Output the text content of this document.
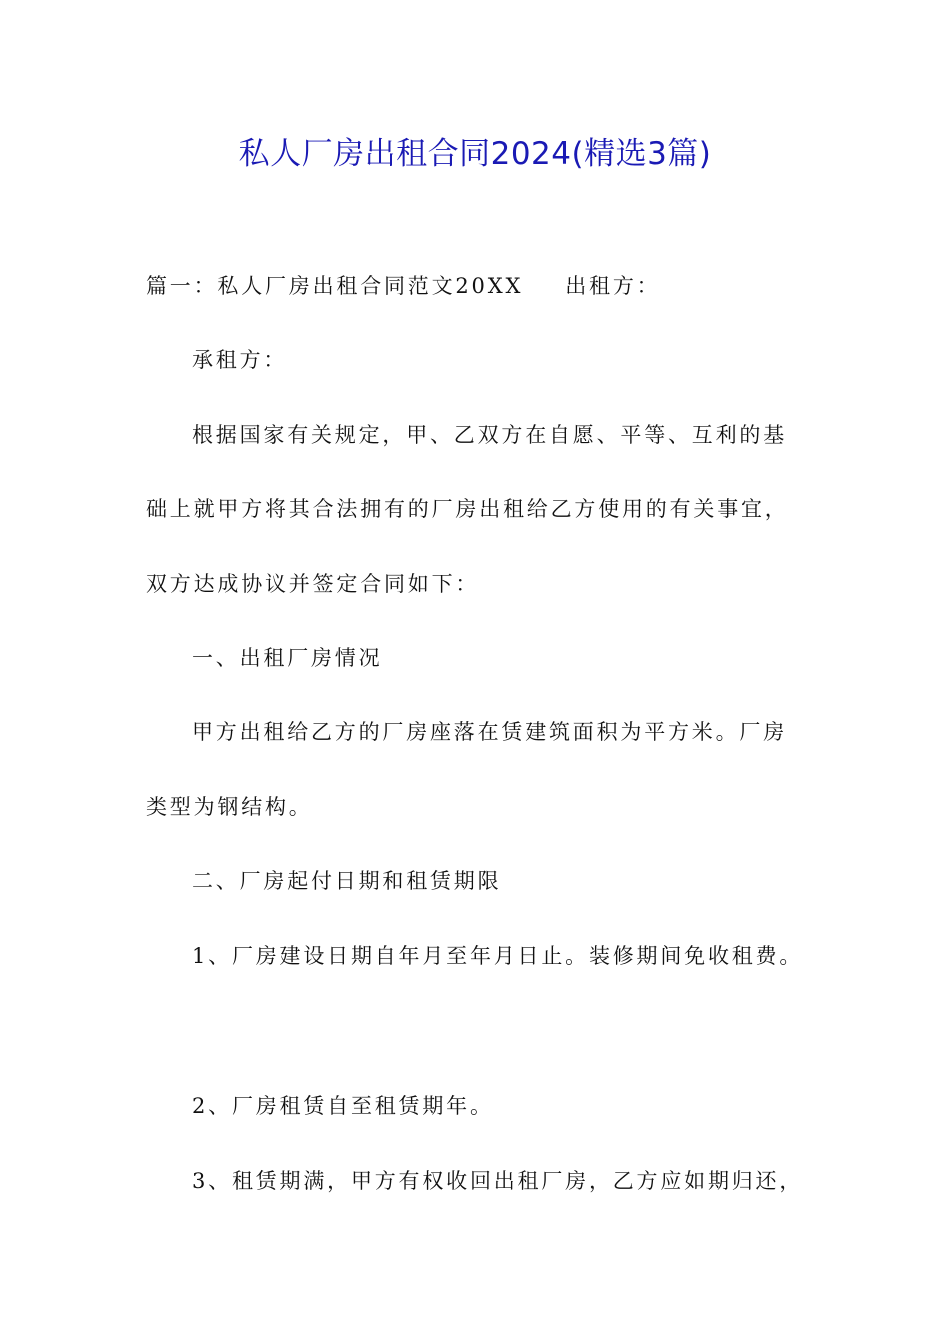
私人厂房出租合同2024(精选3篇)
篇一：私人厂房出租合同范文20XX 出租方：
承租方：
根据国家有关规定，甲、乙双方在自愿、平等、互利的基
础上就甲方将其合法拥有的厂房出租给乙方使用的有关事宜，
双方达成协议并签定合同如下：
一、出租厂房情况
甲方出租给乙方的厂房座落在赁建筑面积为平方米。厂房
类型为钢结构。
二、厂房起付日期和租赁期限
1、厂房建设日期自年月至年月日止。装修期间免收租费。
2、厂房租赁自至租赁期年。
3、租赁期满，甲方有权收回出租厂房，乙方应如期归还，
